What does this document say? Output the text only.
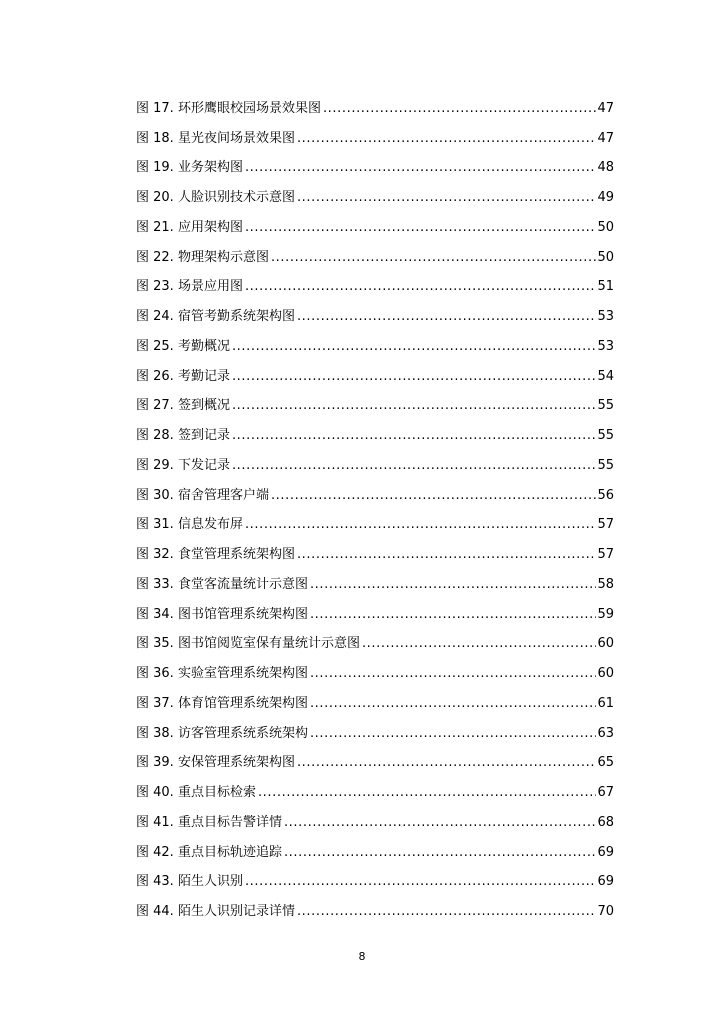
图 17. 环形鹰眼校园场景效果图 .....	47
图 18. 星光夜间场景效果图 .....	47
图 19. 业务架构图 .....	48
图 20. 人脸识别技术示意图 .....	49
图 21. 应用架构图 .....	50
图 22. 物理架构示意图 .....	50
图 23. 场景应用图 .....	51
图 24. 宿管考勤系统架构图 .....	53
图 25. 考勤概况 .....	53
图 26. 考勤记录 .....	54
图 27. 签到概况 .....	55
图 28. 签到记录 .....	55
图 29. 下发记录 .....	55
图 30. 宿舍管理客户端 .....	56
图 31. 信息发布屏 .....	57
图 32. 食堂管理系统架构图 .....	57
图 33. 食堂客流量统计示意图 .....	58
图 34. 图书馆管理系统架构图 .....	59
图 35. 图书馆阅览室保有量统计示意图 .....	60
图 36. 实验室管理系统架构图 .....	60
图 37. 体育馆管理系统架构图 .....	61
图 38. 访客管理系统系统架构 .....	63
图 39. 安保管理系统架构图 .....	65
图 40. 重点目标检索 .....	67
图 41. 重点目标告警详情 .....	68
图 42. 重点目标轨迹追踪 .....	69
图 43. 陌生人识别 .....	69
图 44. 陌生人识别记录详情 .....	70
8
